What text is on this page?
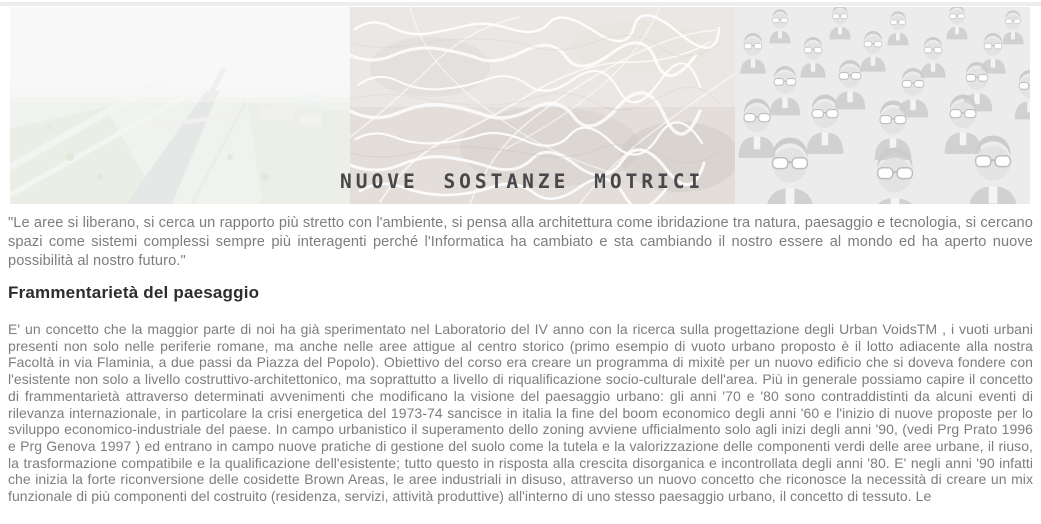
NUOVE SOSTANZE MOTRICI
"Le aree si liberano, si cerca un rapporto più stretto con l'ambiente, si pensa alla architettura come ibridazione tra natura, paesaggio e tecnologia, si cercano spazi come sistemi complessi sempre più interagenti perché l'Informatica ha cambiato e sta cambiando il nostro essere al mondo ed ha aperto nuove possibilità al nostro futuro."
Frammentarietà del paesaggio
E' un concetto che la maggior parte di noi ha già sperimentato nel Laboratorio del IV anno con la ricerca sulla progettazione degli Urban VoidsTM , i vuoti urbani presenti non solo nelle periferie romane, ma anche nelle aree attigue al centro storico (primo esempio di vuoto urbano proposto è il lotto adiacente alla nostra Facoltà in via Flaminia, a due passi da Piazza del Popolo). Obiettivo del corso era creare un programma di mixitè per un nuovo edificio che si doveva fondere con l'esistente non solo a livello costruttivo-architettonico, ma soprattutto a livello di riqualificazione socio-culturale dell'area. Più in generale possiamo capire il concetto di frammentarietà attraverso determinati avvenimenti che modificano la visione del paesaggio urbano: gli anni '70 e '80 sono contraddistinti da alcuni eventi di rilevanza internazionale, in particolare la crisi energetica del 1973-74 sancisce in italia la fine del boom economico degli anni '60 e l'inizio di nuove proposte per lo sviluppo economico-industriale del paese. In campo urbanistico il superamento dello zoning avviene ufficialmento solo agli inizi degli anni '90, (vedi Prg Prato 1996 e Prg Genova 1997 ) ed entrano in campo nuove pratiche di gestione del suolo come la tutela e la valorizzazione delle componenti verdi delle aree urbane, il riuso, la trasformazione compatibile e la qualificazione dell'esistente; tutto questo in risposta alla crescita disorganica e incontrollata degli anni '80. E' negli anni '90 infatti che inizia la forte riconversione delle cosidette Brown Areas, le aree industriali in disuso, attraverso un nuovo concetto che riconosce la necessità di creare un mix funzionale di più componenti del costruito (residenza, servizi, attività produttive) all'interno di uno stesso paesaggio urbano, il concetto di tessuto. Le
